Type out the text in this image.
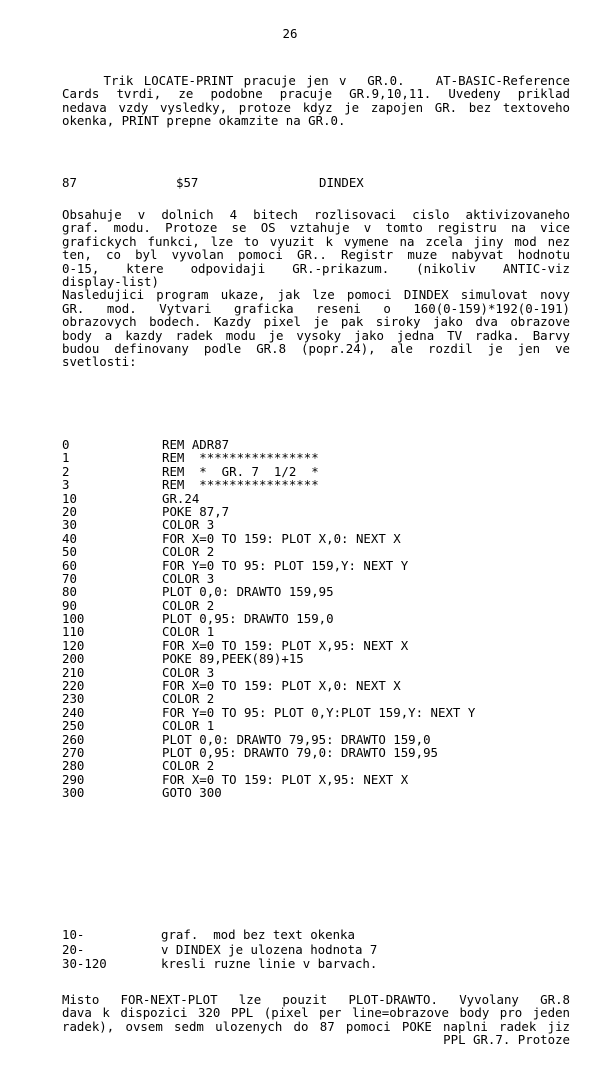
26
Trik LOCATE-PRINT pracuje jen v  GR.0.   AT-BASIC-Reference
Cards tvrdi, ze podobne pracuje GR.9,10,11. Uvedeny priklad
nedava vzdy vysledky, protoze kdyz je zapojen GR. bez textoveho
okenka, PRINT prepne okamzite na GR.0.
87	$57	DINDEX
Obsahuje v dolnich 4 bitech rozlisovaci cislo aktivizovaneho
graf. modu. Protoze se OS vztahuje v tomto registru na vice
grafickych funkci, lze to vyuzit k vymene na zcela jiny mod nez
ten, co byl vyvolan pomoci GR.. Registr muze nabyvat hodnotu
0-15, ktere odpovidaji GR.-prikazum. (nikoliv ANTIC-viz
display-list)
Nasledujici program ukaze, jak lze pomoci DINDEX simulovat novy
GR. mod. Vytvari graficka reseni o 160(0-159)*192(0-191)
obrazovych bodech. Kazdy pixel je pak siroky jako dva obrazove
body a kazdy radek modu je vysoky jako jedna TV radka. Barvy
budou definovany podle GR.8 (popr.24), ale rozdil je jen ve
svetlosti:
0	REM ADR87
1	REM  ****************
2	REM  *  GR. 7  1/2  *
3	REM  ****************
10	GR.24
20	POKE 87,7
30	COLOR 3
40	FOR X=0 TO 159: PLOT X,0: NEXT X
50	COLOR 2
60	FOR Y=0 TO 95: PLOT 159,Y: NEXT Y
70	COLOR 3
80	PLOT 0,0: DRAWTO 159,95
90	COLOR 2
100	PLOT 0,95: DRAWTO 159,0
110	COLOR 1
120	FOR X=0 TO 159: PLOT X,95: NEXT X
200	POKE 89,PEEK(89)+15
210	COLOR 3
220	FOR X=0 TO 159: PLOT X,0: NEXT X
230	COLOR 2
240	FOR Y=0 TO 95: PLOT 0,Y:PLOT 159,Y: NEXT Y
250	COLOR 1
260	PLOT 0,0: DRAWTO 79,95: DRAWTO 159,0
270	PLOT 0,95: DRAWTO 79,0: DRAWTO 159,95
280	COLOR 2
290	FOR X=0 TO 159: PLOT X,95: NEXT X
300	GOTO 300
10-	graf.  mod bez text okenka
20-	v DINDEX je ulozena hodnota 7
30-120	kresli ruzne linie v barvach.
Misto FOR-NEXT-PLOT lze pouzit PLOT-DRAWTO. Vyvolany GR.8
dava k dispozici 320 PPL (pixel per line=obrazove body pro jeden
radek), ovsem sedm ulozenych do 87 pomoci POKE naplni radek jiz
PPL GR.7. Protoze
